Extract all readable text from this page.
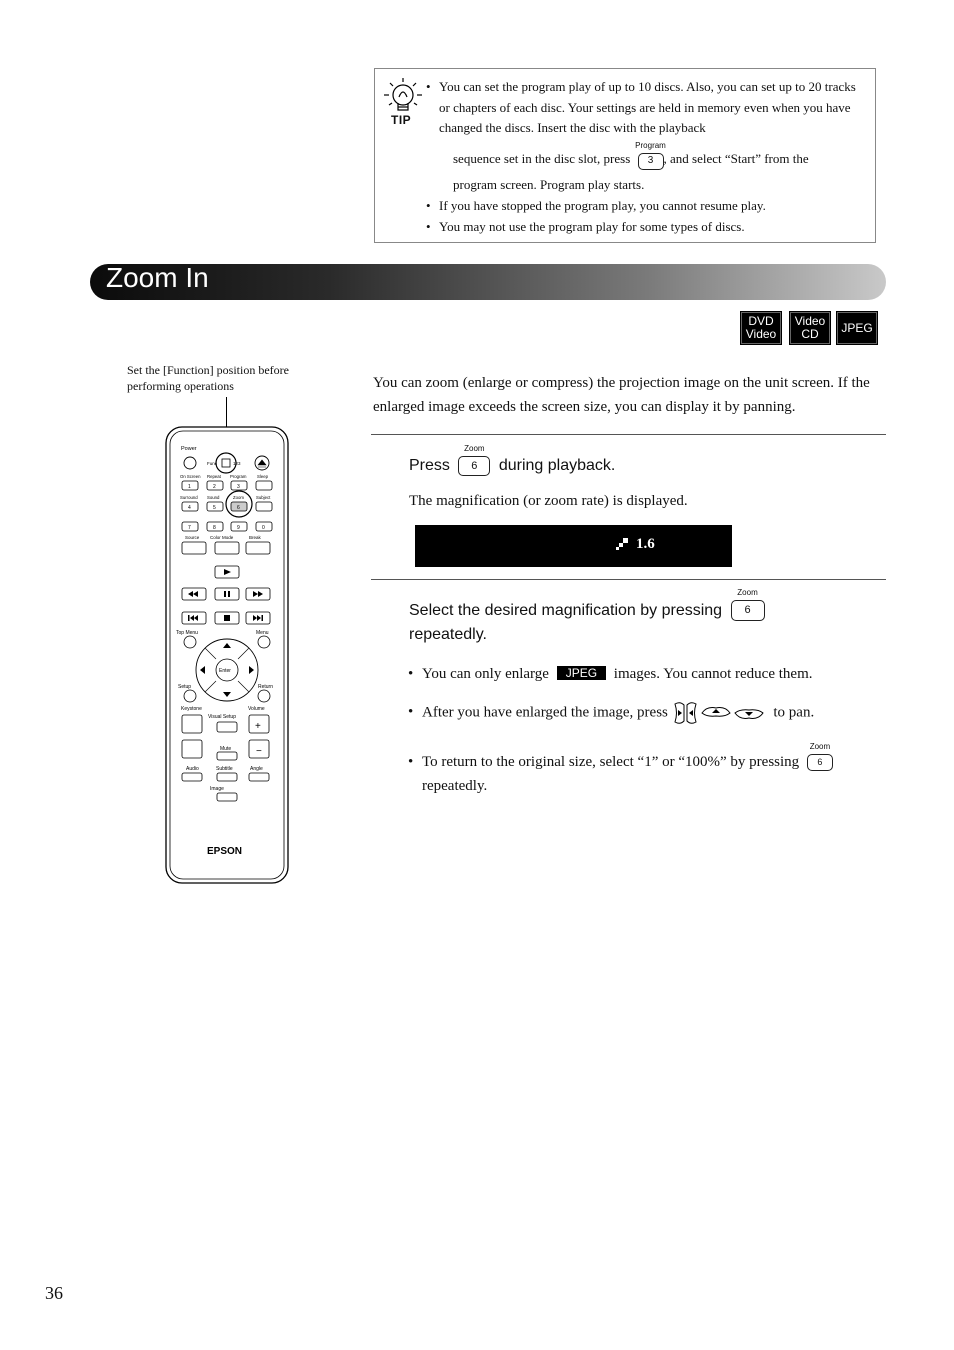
TIP
• You can set the program play of up to 10 discs. Also, you can set up to 20 tracks or chapters of each disc. Your settings are held in memory even when you have changed the discs. Insert the disc with the playback
sequence set in the disc slot, press
Program
3 , and select “Start” from the
program screen. Program play starts.
• If you have stopped the program play, you cannot resume play.
• You may not use the program play for some types of discs.
Zoom In
DVD
Video
Video
CD	JPEG
Set the [Function] position before performing operations
Power
Func	123
On Screen Repeat Program Sleep
1	2	3
Surround Sound	Zoom	Subject
4	5	6
7	8	9	0
Source Color Mode	Break
Top Menu	Menu
Enter
Setup	Return
Keystone	Volume
Visual Setup
+
−
Mute
Audio	Subtitle	Angle
Image
EPSON
You can zoom (enlarge or compress) the projection image on the unit screen. If the enlarged image exceeds the screen size, you can display it by panning.
Press
Zoom
6 during playback.
The magnification (or zoom rate) is displayed.
1.6
Select the desired magnification by pressing
Zoom
6
repeatedly.
• You can only enlarge JPEG images. You cannot reduce them.
• After you have enlarged the image, press	to pan.
• To return to the original size, select “1” or “100%” by pressing
Zoom
6
repeatedly.
36
